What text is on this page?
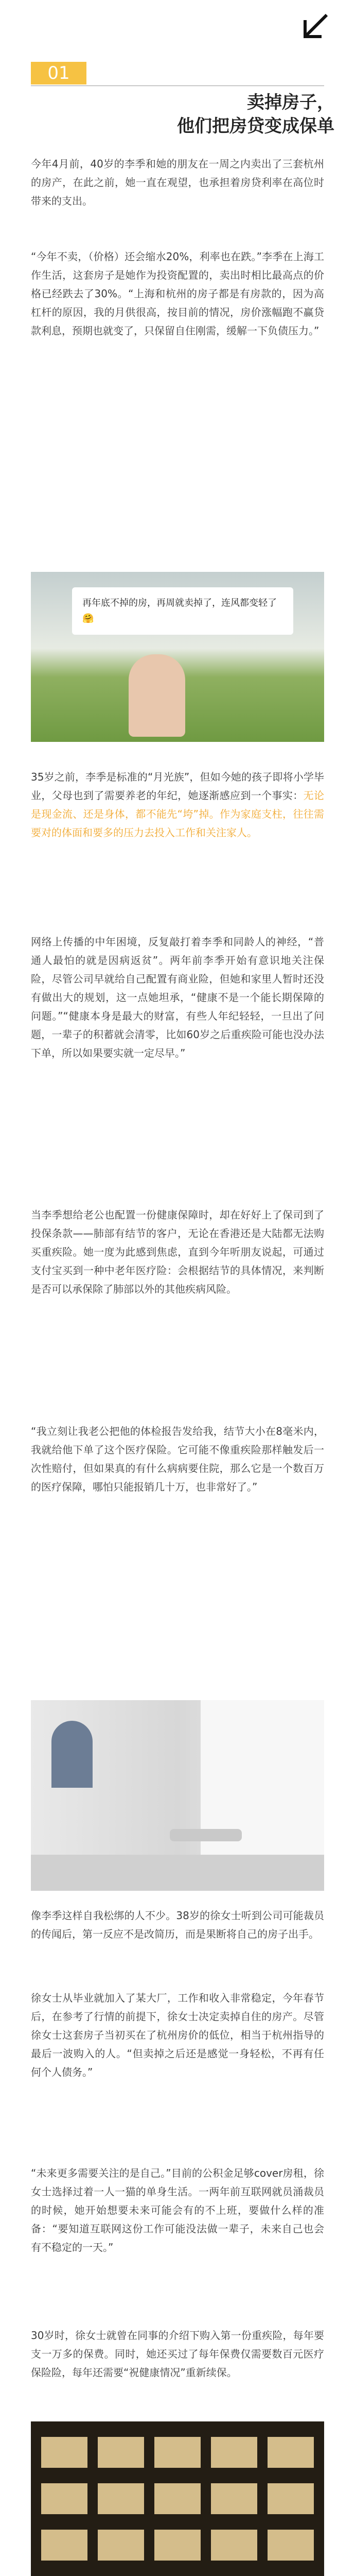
01
卖掉房子，
他们把房贷变成保单

今年4月前，40岁的李季和她的朋友在一周之内卖出了三套杭州的房产，在此之前，她一直在观望，也承担着房贷利率在高位时带来的支出。

“今年不卖，（价格）还会缩水20%，利率也在跌。”李季在上海工作生活，这套房子是她作为投资配置的，卖出时相比最高点的价格已经跌去了30%。“上海和杭州的房子都是有房款的，因为高杠杆的原因，我的月供很高，按目前的情况，房价涨幅跑不赢贷款利息，预期也就变了，只保留自住刚需，缓解一下负债压力。”

再年底不掉的房，再周就卖掉了，连风都变轻了🤗

35岁之前，李季是标准的“月光族”，但如今她的孩子即将小学毕业，父母也到了需要养老的年纪，她逐渐感应到一个事实：无论是现金流、还是身体，都不能先“垮”掉。作为家庭支柱，往往需要对的体面和要多的压力去投入工作和关注家人。

网络上传播的中年困境，反复敲打着李季和同龄人的神经，“普通人最怕的就是因病返贫”。两年前李季开始有意识地关注保险，尽管公司早就给自己配置有商业险，但她和家里人暂时还没有做出大的规划，这一点她坦承，“健康不是一个能长期保障的问题。”“健康本身是最大的财富，有些人年纪轻轻，一旦出了问题，一辈子的积蓄就会清零，比如60岁之后重疾险可能也没办法下单，所以如果要实就一定尽早。”

当李季想给老公也配置一份健康保障时，却在好好上了保司到了投保条款——肺部有结节的客户，无论在香港还是大陆都无法购买重疾险。她一度为此感到焦虑，直到今年听朋友说起，可通过支付宝买到一种中老年医疗险：会根据结节的具体情况，来判断是否可以承保除了肺部以外的其他疾病风险。

“我立刻让我老公把他的体检报告发给我，结节大小在8毫米内，我就给他下单了这个医疗保险。它可能不像重疾险那样触发后一次性赔付，但如果真的有什么病病要住院，那么它是一个数百万的医疗保障，哪怕只能报销几十万，也非常好了。”

像李季这样自我松绑的人不少。38岁的徐女士听到公司可能裁员的传闻后，第一反应不是改简历，而是果断将自己的房子出手。

徐女士从毕业就加入了某大厂，工作和收入非常稳定，今年春节后，在参考了行情的前提下，徐女士决定卖掉自住的房产。尽管徐女士这套房子当初买在了杭州房价的低位，相当于杭州指导的最后一波购入的人。“但卖掉之后还是感觉一身轻松，不再有任何个人债务。”

“未来更多需要关注的是自己。”目前的公积金足够cover房租，徐女士选择过着一人一猫的单身生活。一两年前互联网就员涌裁员的时候，她开始想要未来可能会有的不上班，要做什么样的准备：“要知道互联网这份工作可能没法做一辈子，未来自己也会有不稳定的一天。”

30岁时，徐女士就曾在同事的介绍下购入第一份重疾险，每年要支一万多的保费。同时，她还买过了每年保费仅需要数百元医疗保险险，每年还需要“祝健康情况”重新续保。
